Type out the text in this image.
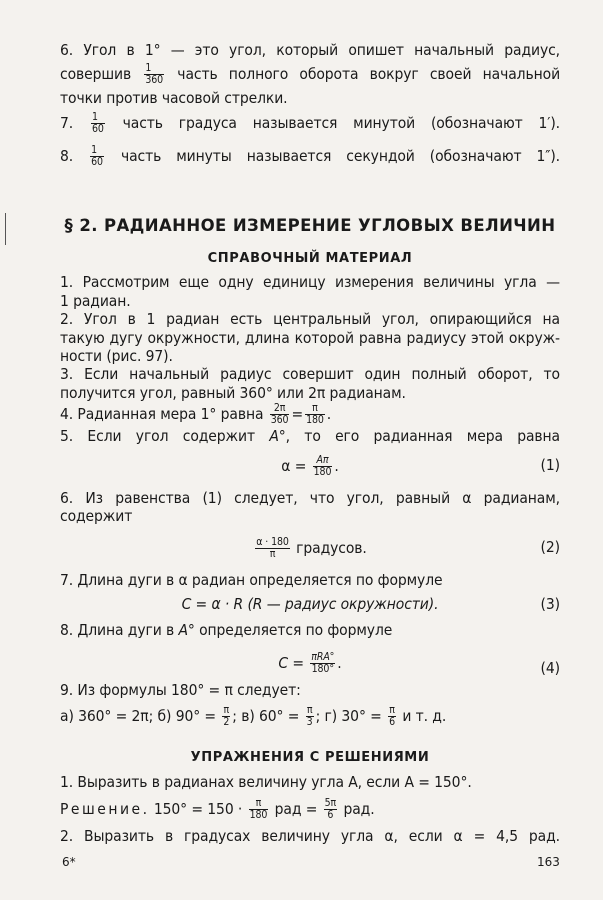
6. Угол в 1° — это угол, который опишет начальный радиус,
совершив $\frac{1}{360}$ часть полного оборота вокруг своей начальной
точки против часовой стрелки.
7. $\frac{1}{60}$ часть градуса называется минутой (обозначают 1′).
8. $\frac{1}{60}$ часть минуты называется секундой (обозначают 1″).
§ 2. РАДИАННОЕ ИЗМЕРЕНИЕ УГЛОВЫХ ВЕЛИЧИН
СПРАВОЧНЫЙ МАТЕРИАЛ
1. Рассмотрим еще одну единицу измерения величины угла —
1 радиан.
2. Угол в 1 радиан есть центральный угол, опирающийся на
такую дугу окружности, длина которой равна радиусу этой окруж-
ности (рис. 97).
3. Если начальный радиус совершит один полный оборот, то
получится угол, равный 360° или 2π радианам.
4. Радианная мера 1° равна $\frac{2\pi}{360} = \frac{\pi}{180}$ .
5. Если угол содержит A°, то его радианная мера равна
$\alpha = \frac{A\pi}{180}$ .	(1)
6. Из равенства (1) следует, что угол, равный α радианам,
содержит
$\frac{\alpha \cdot 180}{\pi}$ градусов.	(2)
7. Длина дуги в α радиан определяется по формуле
C = α · R (R — радиус окружности).	(3)
8. Длина дуги в A° определяется по формуле
$C = \frac{\text{πRA°}}{180^\circ}$ .	(4)
9. Из формулы 180° = π следует:
а) 360° = 2π; б) $90^\circ = \frac{\pi}{2}$ ; в) $60^\circ = \frac{\pi}{3}$ ; г) $30^\circ = \frac{\pi}{6}$ и т. д.
УПРАЖНЕНИЯ С РЕШЕНИЯМИ
1. Выразить в радианах величину угла A, если A = 150°.
Решение. $150^\circ = 150 \cdot \frac{\pi}{180}$ рад = $\frac{5\pi}{6}$ рад.
2. Выразить в градусах величину угла α, если α = 4,5 рад.
6*	163
